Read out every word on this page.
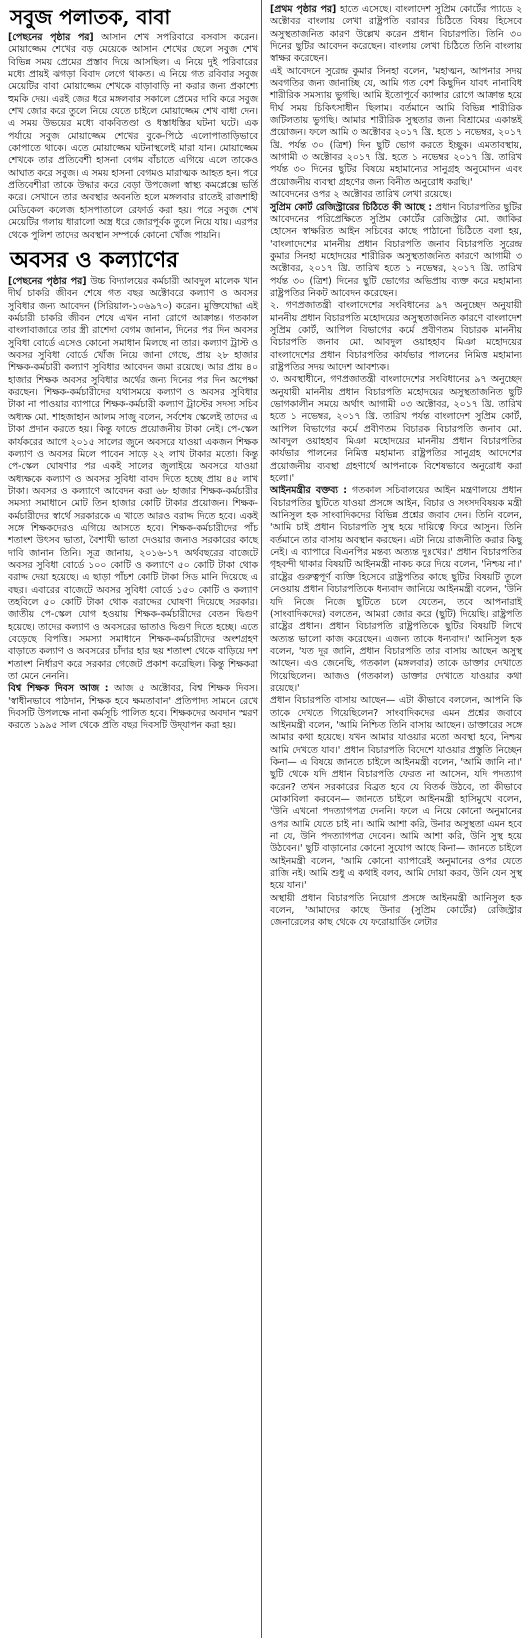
সবুজ পলাতক, বাবা

[পেছনের পৃষ্ঠার পর] আসান শেখ সপরিবারে বসবাস করেন। মোয়াজ্জেম শেখের বড় মেয়েকে আসান শেখের ছেলে সবুজ শেখ বিভিন্ন সময় প্রেমের প্রস্তাব দিয়ে আসছিল। এ নিয়ে দুই পরিবারের মধ্যে প্রায়ই ঝগড়া বিবাদ লেগে থাকত। এ নিয়ে গত রবিবার সবুজ মেয়েটির বাবা মোয়াজ্জেম শেখকে বাড়াবাড়ি না করার জন্য প্রকাশ্যে হুমকি দেয়। এরই জের ধরে মঙ্গলবার সকালে প্রেমের দাবি করে সবুজ শেখ জোর করে তুলে নিয়ে যেতে চাইলে মোয়াজ্জেম শেখ বাধা দেন। এ সময় উভয়ের মধ্যে বাকবিতণ্ডা ও ধস্তাধস্তির ঘটনা ঘটে। এক পর্যায়ে সবুজ মোয়াজ্জেম শেখের বুকে-পিঠে এলোপাতাড়িভাবে কোপাতে থাকে। এতে মোয়াজ্জেম ঘটনাস্থলেই মারা যান। মোয়াজ্জেম শেখকে তার প্রতিবেশী হাসনা বেগম বাঁচাতে এগিয়ে এলে তাকেও আঘাত করে সবুজ। এ সময় হাসনা বেগমও মারাত্মক আহত হন। পরে প্রতিবেশীরা তাকে উদ্ধার করে বেড়া উপজেলা স্বাস্থ্য কমপ্লেক্সে ভর্তি করে। সেখানে তার অবস্থার অবনতি হলে মঙ্গলবার রাতেই রাজশাহী মেডিকেল কলেজ হাসপাতালে রেফার্ড করা হয়। পরে সবুজ শেখ মেয়েটির গলায় ধারালো অস্ত্র ধরে জোরপূর্বক তুলে নিয়ে যায়। এরপর থেকে পুলিশ তাদের অবস্থান সম্পর্কে কোনো খোঁজ পায়নি।

অবসর ও কল্যাণের

[পেছনের পৃষ্ঠার পর] উচ্চ বিদ্যালয়ের কর্মচারী আবদুল মালেক খান দীর্ঘ চাকরি জীবন শেষে গত বছর অক্টোবরে কল্যাণ ও অবসর সুবিধার জন্য আবেদন (সিরিয়াল-১০৬৯৭০) করেন। মুক্তিযোদ্ধা এই কর্মচারী চাকরি জীবন শেষে এখন নানা রোগে আক্রান্ত। গতকাল বাংলাবাজারে তার স্ত্রী রাশেদা বেগম জানান, দিনের পর দিন অবসর সুবিধা বোর্ডে এসেও কোনো সমাধান মিলছে না তার। কল্যাণ ট্রাস্ট ও অবসর সুবিধা বোর্ডে খোঁজ নিয়ে জানা গেছে, প্রায় ২৮ হাজার শিক্ষক-কর্মচারী কল্যাণ সুবিধার আবেদন জমা রয়েছে। আর প্রায় ৪০ হাজার শিক্ষক অবসর সুবিধার অর্থের জন্য দিনের পর দিন অপেক্ষা করছেন। শিক্ষক-কর্মচারীদের যথাসময়ে কল্যাণ ও অবসর সুবিধার টাকা না পাওয়ার ব্যাপারে শিক্ষক-কর্মচারী কল্যাণ ট্রাস্টের সদস্য সচিব অধ্যক্ষ মো. শাহজাহান আলম সাজু বলেন, সর্বশেষ স্কেলেই তাদের এ টাকা প্রদান করতে হয়। কিন্তু ফান্ডে প্রয়োজনীয় টাকা নেই। পে-স্কেল কার্যকরের আগে ২০১৫ সালের জুনে অবসরে যাওয়া একজন শিক্ষক কল্যাণ ও অবসর মিলে পাবেন সাড়ে ২২ লাখ টাকার মতো। কিন্তু পে-স্কেল ঘোষণার পর একই সালের জুলাইয়ে অবসরে যাওয়া অধ্যক্ষকে কল্যাণ ও অবসর সুবিধা বাবদ দিতে হচ্ছে প্রায় ৪৫ লাখ টাকা। অবসর ও কল্যাণে আবেদন করা ৬৮ হাজার শিক্ষক-কর্মচারীর সমস্যা সমাধানে মোট তিন হাজার কোটি টাকার প্রয়োজন। শিক্ষক-কর্মচারীদের স্বার্থে সরকারকে এ খাতে আরও বরাদ্দ দিতে হবে। একই সঙ্গে শিক্ষকদেরও এগিয়ে আসতে হবে। শিক্ষক-কর্মচারীদের পাঁচ শতাংশ উৎসব ভাতা, বৈশাখী ভাতা দেওয়ার জন্যও সরকারের কাছে দাবি জানান তিনি। সূত্র জানায়, ২০১৬-১৭ অর্থবছরের বাজেটে অবসর সুবিধা বোর্ডে ১০০ কোটি ও কল্যাণে ৫০ কোটি টাকা থোক বরাদ্দ দেয়া হয়েছে। এ ছাড়া পাঁচশ কোটি টাকা সিড মানি দিয়েছে এ বছর। এবারের বাজেটে অবসর সুবিধা বোর্ডে ১৫০ কোটি ও কল্যাণ তহবিলে ৫০ কোটি টাকা থোক বরাদ্দের ঘোষণা দিয়েছে সরকার। জাতীয় পে-স্কেল যোগ হওয়ায় শিক্ষক-কর্মচারীদের বেতন দ্বিগুণ হয়েছে। তাদের কল্যাণ ও অবসরের ভাতাও দ্বিগুণ দিতে হচ্ছে। এতে বেড়েছে বিপত্তি। সমস্যা সমাধানে শিক্ষক-কর্মচারীদের অংশগ্রহণ বাড়াতে কল্যাণ ও অবসরের চাঁদার হার ছয় শতাংশ থেকে বাড়িয়ে দশ শতাংশ নির্ধারণ করে সরকার গেজেট প্রকাশ করেছিল। কিন্তু শিক্ষকরা তা মেনে নেননি।

বিশ্ব শিক্ষক দিবস আজ : আজ ৫ অক্টোবর, বিশ্ব শিক্ষক দিবস। 'স্বাধীনভাবে পাঠদান, শিক্ষক হবে ক্ষমতাবান' প্রতিপাদ্য সামনে রেখে দিবসটি উপলক্ষে নানা কর্মসূচি পালিত হবে। শিক্ষকদের অবদান স্মরণ করতে ১৯৯৫ সাল থেকে প্রতি বছর দিবসটি উদ্‌যাপন করা হয়।

[প্রথম পৃষ্ঠার পর] হাতে এসেছে। বাংলাদেশ সুপ্রিম কোর্টের প্যাডে ২ অক্টোবর বাংলায় লেখা রাষ্ট্রপতি বরাবর চিঠিতে বিষয় হিসেবে অসুস্থতাজনিত কারণ উল্লেখ করেন প্রধান বিচারপতি। তিনি ৩০ দিনের ছুটির আবেদন করেছেন। বাংলায় লেখা চিঠিতে তিনি বাংলায় স্বাক্ষর করেছেন।

এই আবেদনে সুরেন্দ্র কুমার সিনহা বলেন, 'মহাত্মন, আপনার সদয় অবগতির জন্য জানাচ্ছি যে, আমি গত বেশ কিছুদিন যাবৎ নানাবিধ শারীরিক সমস্যায় ভুগছি। আমি ইতোপূর্বে ক্যান্সার রোগে আক্রান্ত হয়ে দীর্ঘ সময় চিকিৎসাধীন ছিলাম। বর্তমানে আমি বিভিন্ন শারীরিক জটিলতায় ভুগছি। আমার শারীরিক সুস্থতার জন্য বিশ্রামের একান্তই প্রয়োজন। ফলে আমি ৩ অক্টোবর ২০১৭ খ্রি. হতে ১ নভেম্বর, ২০১৭ খ্রি. পর্যন্ত ৩০ (ত্রিশ) দিন ছুটি ভোগ করতে ইচ্ছুক। এমতাবস্থায়, আগামী ৩ অক্টোবর ২০১৭ খ্রি. হতে ১ নভেম্বর ২০১৭ খ্রি. তারিখ পর্যন্ত ৩০ দিনের ছুটির বিষয়ে মহামান্যের সানুগ্রহ অনুমোদন এবং প্রয়োজনীয় ব্যবস্থা গ্রহণের জন্য বিনীত অনুরোধ করছি।'

আবেদনের ওপর ২ অক্টোবর তারিখ লেখা রয়েছে।

সুপ্রিম কোর্ট রেজিস্ট্রারের চিঠিতে কী আছে : প্রধান বিচারপতির ছুটির আবেদনের পরিপ্রেক্ষিতে সুপ্রিম কোর্টের রেজিস্ট্রার মো. জাকির হোসেন স্বাক্ষরিত আইন সচিবের কাছে পাঠানো চিঠিতে বলা হয়, 'বাংলাদেশের মাননীয় প্রধান বিচারপতি জনাব বিচারপতি সুরেন্দ্র কুমার সিনহা মহোদয়ের শারীরিক অসুস্থতাজনিত কারণে আগামী ৩ অক্টোবর, ২০১৭ খ্রি. তারিখ হতে ১ নভেম্বর, ২০১৭ খ্রি. তারিখ পর্যন্ত ৩০ (ত্রিশ) দিনের ছুটি ভোগের অভিপ্রায় ব্যক্ত করে মহামান্য রাষ্ট্রপতির নিকট আবেদন করেছেন।

২. গণপ্রজাতন্ত্রী বাংলাদেশের সংবিধানের ৯৭ অনুচ্ছেদ অনুযায়ী মাননীয় প্রধান বিচারপতি মহোদয়ের অসুস্থতাজনিত কারণে বাংলাদেশ সুপ্রিম কোর্ট, আপিল বিভাগের কর্মে প্রবীণতম বিচারক মাননীয় বিচারপতি জনাব মো. আবদুল ওয়াহহাব মিঞা মহোদয়ের বাংলাদেশের প্রধান বিচারপতির কার্যভার পালনের নিমিত্ত মহামান্য রাষ্ট্রপতির সদয় আদেশ আবশ্যক।

৩. অবস্থাধীনে, গণপ্রজাতন্ত্রী বাংলাদেশের সংবিধানের ৯৭ অনুচ্ছেদ অনুযায়ী মাননীয় প্রধান বিচারপতি মহোদয়ের অসুস্থতাজনিত ছুটি ভোগকালীন সময়ে অর্থাৎ আগামী ০৩ অক্টোবর, ২০১৭ খ্রি. তারিখ হতে ১ নভেম্বর, ২০১৭ খ্রি. তারিখ পর্যন্ত বাংলাদেশ সুপ্রিম কোর্ট, আপিল বিভাগের কর্মে প্রবীণতম বিচারক বিচারপতি জনাব মো. আবদুল ওয়াহহাব মিঞা মহোদয়ের মাননীয় প্রধান বিচারপতির কার্যভার পালনের নিমিত্ত মহামান্য রাষ্ট্রপতির সানুগ্রহ আদেশের প্রয়োজনীয় ব্যবস্থা গ্রহণার্থে আপনাকে বিশেষভাবে অনুরোধ করা হলো।'

আইনমন্ত্রীর বক্তব্য : গতকাল সচিবালয়ের আইন মন্ত্রণালয়ে প্রধান বিচারপতির ছুটিতে যাওয়া প্রসঙ্গে আইন, বিচার ও সংসদবিষয়ক মন্ত্রী আনিসুল হক সাংবাদিকদের বিভিন্ন প্রশ্নের জবাব দেন। তিনি বলেন, 'আমি চাই প্রধান বিচারপতি সুস্থ হয়ে দায়িত্বে ফিরে আসুন। তিনি বর্তমানে তার বাসায় অবস্থান করছেন। এটা নিয়ে রাজনীতি করার কিছু নেই। এ ব্যাপারে বিএনপির মন্তব্য অত্যন্ত দুঃখের।' প্রধান বিচারপতির গৃহবন্দী থাকার বিষয়টি আইনমন্ত্রী নাকচ করে দিয়ে বলেন, 'নিশ্চয় না।' রাষ্ট্রের গুরুত্বপূর্ণ ব্যক্তি হিসেবে রাষ্ট্রপতির কাছে ছুটির বিষয়টি তুলে নেওয়ায় প্রধান বিচারপতিকে ধন্যবাদ জানিয়ে আইনমন্ত্রী বলেন, 'উনি যদি নিজে নিজে ছুটিতে চলে যেতেন, তবে আপনারাই (সাংবাদিকদের) বলতেন, আমরা জোর করে (ছুটি) দিয়েছি। রাষ্ট্রপতি রাষ্ট্রের প্রধান। প্রধান বিচারপতি রাষ্ট্রপতিকে ছুটির বিষয়টি লিখে অত্যন্ত ভালো কাজ করেছেন। এজন্য তাকে ধন্যবাদ।' আনিসুল হক বলেন, 'যত দূর জানি, প্রধান বিচারপতি তার বাসায় আছেন অসুস্থ আছেন। এও জেনেছি, গতকাল (মঙ্গলবার) তাকে ডাক্তার দেখাতে গিয়েছিলেন। আজও (গতকাল) ডাক্তার দেখাতে যাওয়ার কথা রয়েছে।'

প্রধান বিচারপতি বাসায় আছেন— এটা কীভাবে বললেন, আপনি কি তাকে দেখতে গিয়েছিলেন? সাংবাদিকদের এমন প্রশ্নের জবাবে আইনমন্ত্রী বলেন, 'আমি নিশ্চিত তিনি বাসায় আছেন। ডাক্তারের সঙ্গে আমার কথা হয়েছে। যখন আমার যাওয়ার মতো অবস্থা হবে, নিশ্চয় আমি দেখতে যাব।' প্রধান বিচারপতি বিদেশে যাওয়ার প্রস্তুতি নিচ্ছেন কিনা— এ বিষয়ে জানতে চাইলে আইনমন্ত্রী বলেন, 'আমি জানি না।' ছুটি থেকে যদি প্রধান বিচারপতি ফেরত না আসেন, যদি পদত্যাগ করেন? তখন সরকারের বিব্রত হবে যে বিতর্ক উঠবে, তা কীভাবে মোকাবিলা করবেন— জানতে চাইলে আইনমন্ত্রী হাসিমুখে বলেন, 'উনি এখনো পদত্যাগপত্র দেননি। ফলে এ নিয়ে কোনো অনুমানের ওপর আমি যেতে চাই না। আমি আশা করি, উনার অসুস্থতা এমন হবে না যে, উনি পদত্যাগপত্র দেবেন। আমি আশা করি, উনি সুস্থ হয়ে উঠবেন।' ছুটি বাড়ানোর কোনো সুযোগ আছে কিনা— জানতে চাইলে আইনমন্ত্রী বলেন, 'আমি কোনো ব্যাপারেই অনুমানের ওপর যেতে রাজি নই। আমি শুধু এ কথাই বলব, আমি দোয়া করব, উনি যেন সুস্থ হয়ে যান।'

অস্থায়ী প্রধান বিচারপতি নিয়োগ প্রসঙ্গে আইনমন্ত্রী আনিসুল হক বলেন, 'আমাদের কাছে উনার (সুপ্রিম কোর্টের) রেজিস্ট্রার জেনারেলের কাছ থেকে যে ফরোয়ার্ডিং লেটার
